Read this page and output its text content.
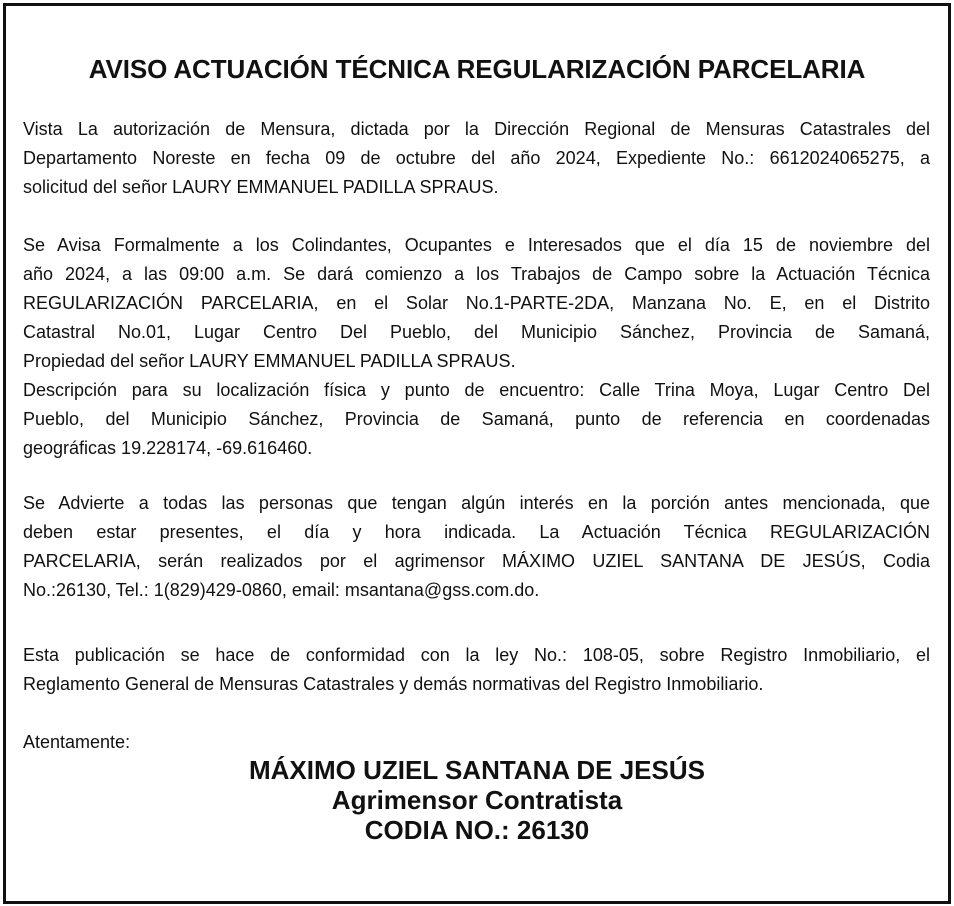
AVISO ACTUACIÓN TÉCNICA REGULARIZACIÓN PARCELARIA
Vista La autorización de Mensura, dictada por la Dirección Regional de Mensuras Catastrales del
Departamento Noreste en fecha 09 de octubre del año 2024, Expediente No.: 6612024065275, a
solicitud del señor LAURY EMMANUEL PADILLA SPRAUS.
Se Avisa Formalmente a los Colindantes, Ocupantes e Interesados que el día 15 de noviembre del
año 2024, a las 09:00 a.m. Se dará comienzo a los Trabajos de Campo sobre la Actuación Técnica
REGULARIZACIÓN PARCELARIA, en el Solar No.1-PARTE-2DA, Manzana No. E, en el Distrito
Catastral No.01, Lugar Centro Del Pueblo, del Municipio Sánchez, Provincia de Samaná,
Propiedad del señor LAURY EMMANUEL PADILLA SPRAUS.
Descripción para su localización física y punto de encuentro: Calle Trina Moya, Lugar Centro Del
Pueblo, del Municipio Sánchez, Provincia de Samaná, punto de referencia en coordenadas
geográficas 19.228174, -69.616460.
Se Advierte a todas las personas que tengan algún interés en la porción antes mencionada, que
deben estar presentes, el día y hora indicada. La Actuación Técnica REGULARIZACIÓN
PARCELARIA, serán realizados por el agrimensor MÁXIMO UZIEL SANTANA DE JESÚS, Codia
No.:26130, Tel.: 1(829)429-0860, email: msantana@gss.com.do.
Esta publicación se hace de conformidad con la ley No.: 108-05, sobre Registro Inmobiliario, el
Reglamento General de Mensuras Catastrales y demás normativas del Registro Inmobiliario.
Atentamente:
MÁXIMO UZIEL SANTANA DE JESÚS
Agrimensor Contratista
CODIA NO.: 26130
